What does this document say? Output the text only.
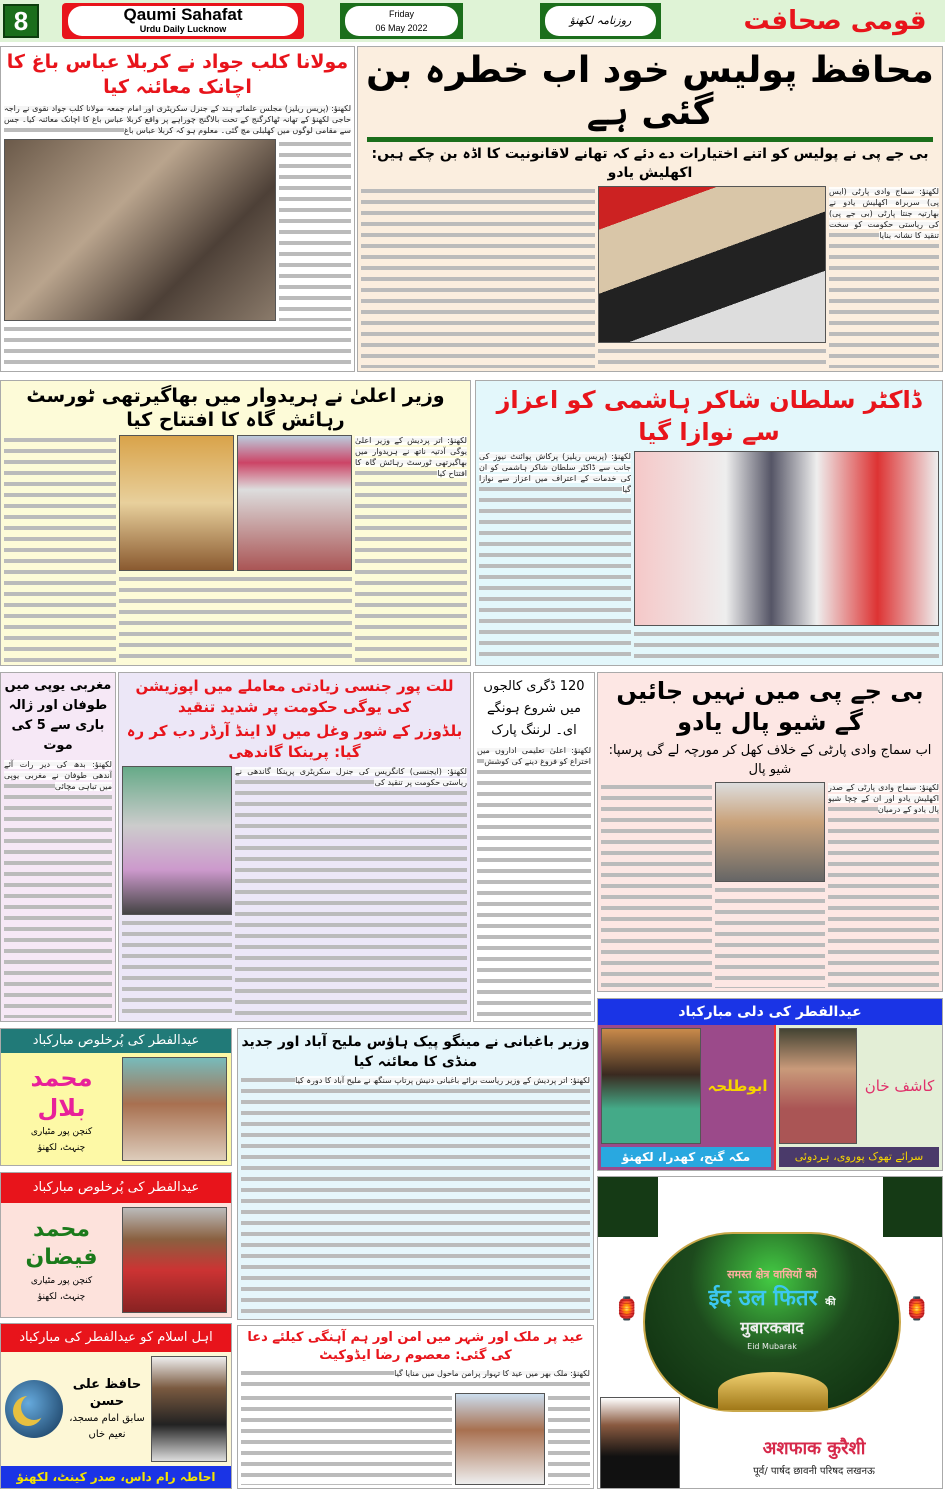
8	Qaumi Sahafat
Urdu Daily Lucknow
Friday
06 May 2022
روزنامہ لکھنؤ	قومی صحافت
محافظ پولیس خود اب خطرہ بن گئی ہے
بی جے پی نے پولیس کو اتنے اختیارات دے دئے کہ تھانے لاقانونیت کا اڈہ بن چکے ہیں: اکھلیش یادو
لکھنؤ: سماج وادی پارٹی (ایس پی) سربراہ اکھلیش یادو نے بھارتیہ جنتا پارٹی (بی جے پی) کی ریاستی حکومت کو سخت تنقید کا نشانہ بنایا
مولانا کلب جواد نے کربلا عباس باغ کا اچانک معائنہ کیا
لکھنؤ: (پریس ریلیز) مجلس علمائے ہند کے جنرل سکریٹری اور امام جمعہ مولانا کلب جواد نقوی نے راجہ حاجی لکھنؤ کے تھانہ ٹھاکرگنج کے تحت بالاگنج چوراہے پر واقع کربلا عباس باغ کا اچانک معائنہ کیا۔ جس سے مقامی لوگوں میں کھلبلی مچ گئی۔ معلوم ہو کہ کربلا عباس باغ
وزیر اعلیٰ نے ہریدوار میں بھاگیرتھی ٹورسٹ رہائش گاہ کا افتتاح کیا
لکھنؤ: اتر پردیش کے وزیر اعلیٰ یوگی آدتیہ ناتھ نے ہریدوار میں بھاگیرتھی ٹورسٹ رہائش گاہ کا افتتاح کیا
ڈاکٹر سلطان شاکر ہاشمی کو اعزاز سے نوازا گیا
لکھنؤ: (پریس ریلیز) پرکاش پوائنٹ نیوز کی جانب سے ڈاکٹر سلطان شاکر ہاشمی کو ان کی خدمات کے اعتراف میں اعزاز سے نوازا گیا
مغربی یوپی میں طوفان اور ژالہ باری سے 5 کی موت
لکھنؤ: بدھ کی دیر رات آئے آندھی طوفان نے مغربی یوپی میں تباہی مچائی
للت پور جنسی زیادتی معاملے میں اپوزیشن کی یوگی حکومت پر شدید تنقید
بلڈوزر کے شور وغل میں لا اینڈ آرڈر دب کر رہ گیا: پرینکا گاندھی
لکھنؤ: (ایجنسی) کانگریس کی جنرل سکریٹری پرینکا گاندھی نے ریاستی حکومت پر تنقید کی
120 ڈگری کالجوں میں شروع ہونگے ای۔ لرننگ پارک
لکھنؤ: اعلیٰ تعلیمی اداروں میں اختراع کو فروغ دینے کی کوشش
بی جے پی میں نہیں جائیں گے شیو پال یادو
اب سماج وادی پارٹی کے خلاف کھل کر مورچہ لے گی پرسپا: شیو پال
لکھنؤ: سماج وادی پارٹی کے صدر اکھلیش یادو اور ان کے چچا شیو پال یادو کے درمیان
عیدالفطر کی پُرخلوص مبارکباد
محمد بلال
کنچن پور مٹیاری
چنہٹ، لکھنؤ
عیدالفطر کی پُرخلوص مبارکباد
محمد فیضان
کنچن پور مٹیاری
چنہٹ، لکھنؤ
اہل اسلام کو عیدالفطر کی مبارکباد
حافظ علی حسن
سابق امام مسجد،
نعیم خاں
احاطہ رام داس، صدر کینٹ، لکھنؤ
وزیر باغبانی نے مینگو پیک ہاؤس ملیح آباد اور جدید منڈی کا معائنہ کیا
لکھنؤ: اتر پردیش کے وزیر ریاست برائے باغبانی دنیش پرتاپ سنگھ نے ملیح آباد کا دورہ کیا
عید پر ملک اور شہر میں امن اور ہم آہنگی کیلئے دعا کی گئی: معصوم رضا ایڈوکیٹ
لکھنؤ: ملک بھر میں عید کا تہوار پرامن ماحول میں منایا گیا
عیدالفطر کی دلی مبارکباد
ابوطلحہ
مکہ گنج، کھدرا، لکھنؤ
کاشف خان
سرائے تھوک پوروی، ہردوئی
🏮	🏮
समस्त क्षेत्र वासियों को
ईद उल फितर की
मुबारकबाद
Eid Mubarak
अशफाक कुरैशी
पूर्व/ पार्षद छावनी परिषद लखनऊ
